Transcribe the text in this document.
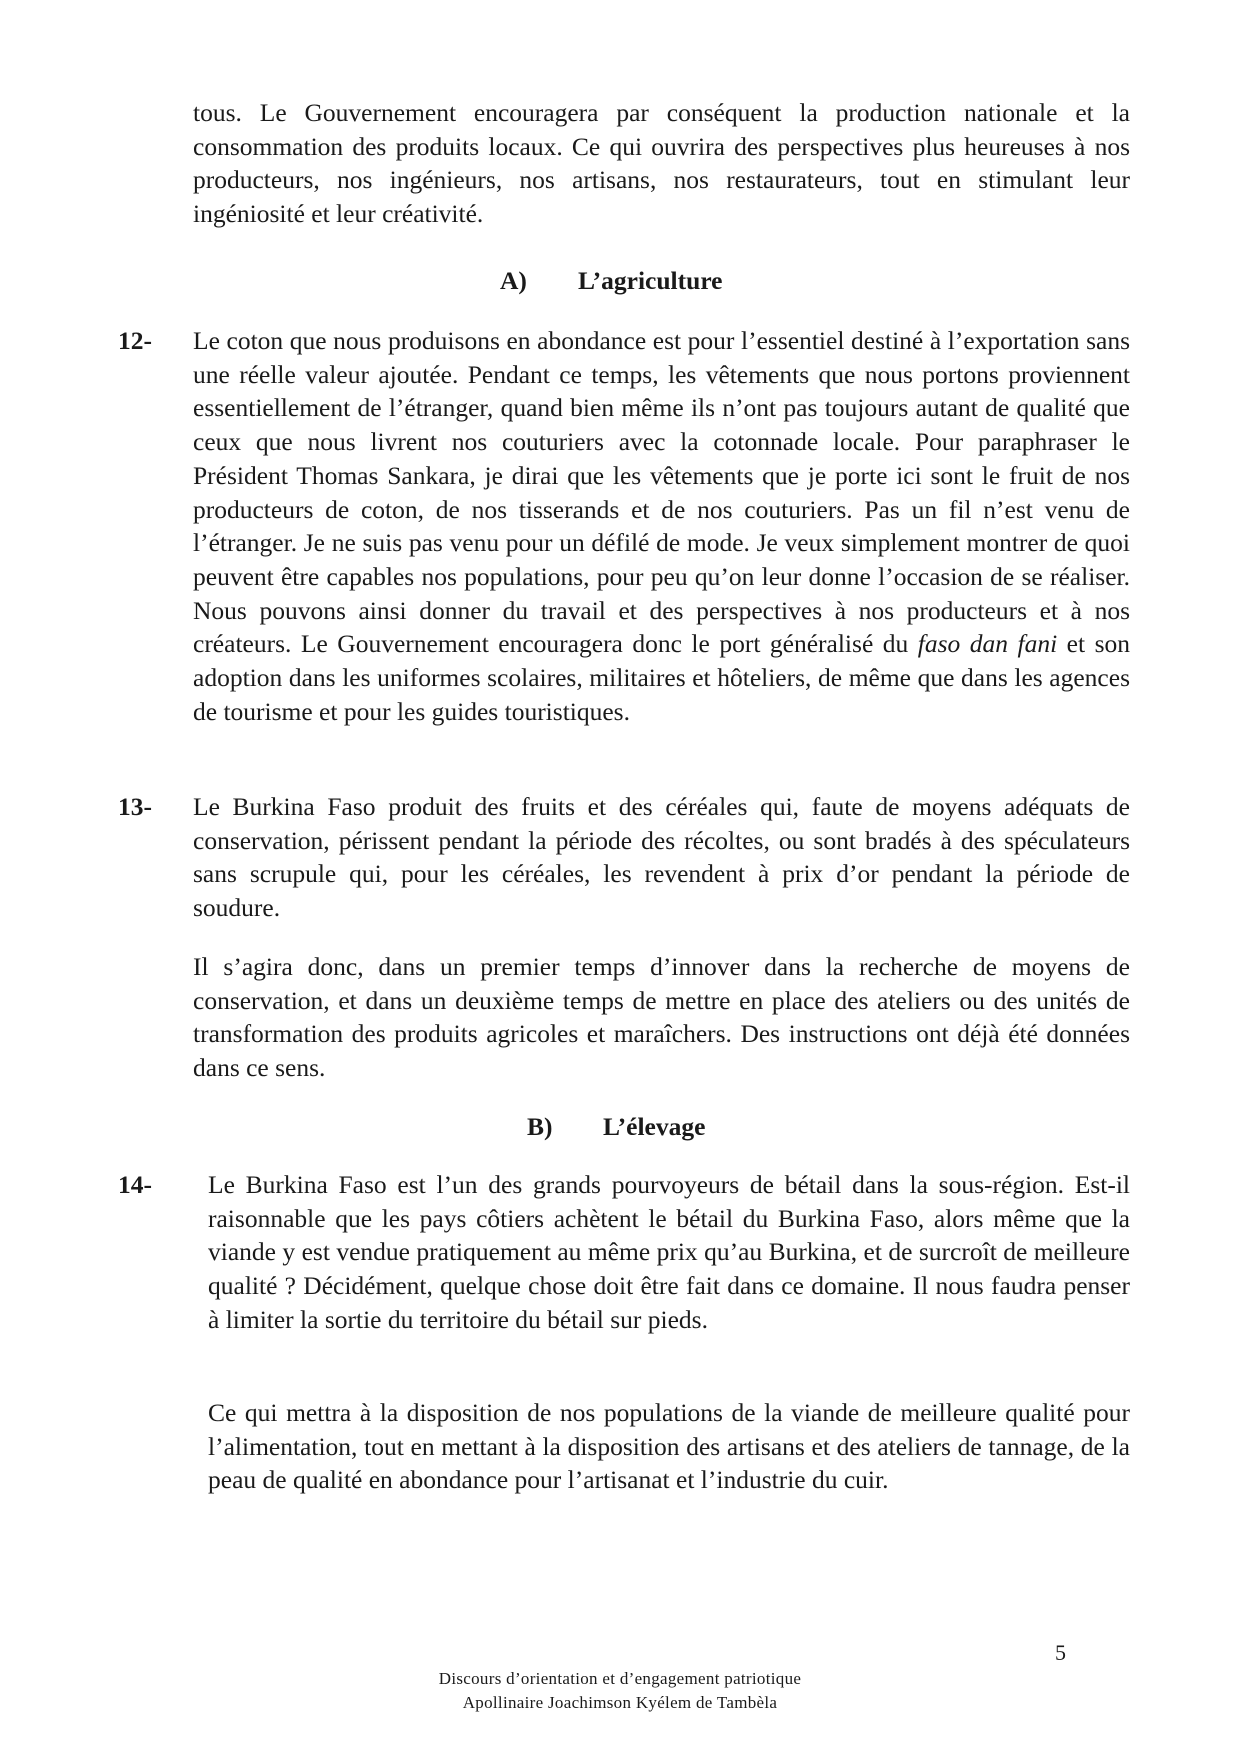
tous. Le Gouvernement encouragera par conséquent la production nationale et la consommation des produits locaux. Ce qui ouvrira des perspectives plus heureuses à nos producteurs, nos ingénieurs, nos artisans, nos restaurateurs, tout en stimulant leur ingéniosité et leur créativité.

A) L’agriculture
12- Le coton que nous produisons en abondance est pour l’essentiel destiné à l’exportation sans une réelle valeur ajoutée. Pendant ce temps, les vêtements que nous portons proviennent essentiellement de l’étranger, quand bien même ils n’ont pas toujours autant de qualité que ceux que nous livrent nos couturiers avec la cotonnade locale. Pour paraphraser le Président Thomas Sankara, je dirai que les vêtements que je porte ici sont le fruit de nos producteurs de coton, de nos tisserands et de nos couturiers. Pas un fil n’est venu de l’étranger. Je ne suis pas venu pour un défilé de mode. Je veux simplement montrer de quoi peuvent être capables nos populations, pour peu qu’on leur donne l’occasion de se réaliser. Nous pouvons ainsi donner du travail et des perspectives à nos producteurs et à nos créateurs. Le Gouvernement encouragera donc le port généralisé du faso dan fani et son adoption dans les uniformes scolaires, militaires et hôteliers, de même que dans les agences de tourisme et pour les guides touristiques.

13- Le Burkina Faso produit des fruits et des céréales qui, faute de moyens adéquats de conservation, périssent pendant la période des récoltes, ou sont bradés à des spéculateurs sans scrupule qui, pour les céréales, les revendent à prix d’or pendant la période de soudure.

Il s’agira donc, dans un premier temps d’innover dans la recherche de moyens de conservation, et dans un deuxième temps de mettre en place des ateliers ou des unités de transformation des produits agricoles et maraîchers. Des instructions ont déjà été données dans ce sens.

B) L’élevage
14- Le Burkina Faso est l’un des grands pourvoyeurs de bétail dans la sous-région. Est-il raisonnable que les pays côtiers achètent le bétail du Burkina Faso, alors même que la viande y est vendue pratiquement au même prix qu’au Burkina, et de surcroît de meilleure qualité ? Décidément, quelque chose doit être fait dans ce domaine. Il nous faudra penser à limiter la sortie du territoire du bétail sur pieds.

Ce qui mettra à la disposition de nos populations de la viande de meilleure qualité pour l’alimentation, tout en mettant à la disposition des artisans et des ateliers de tannage, de la peau de qualité en abondance pour l’artisanat et l’industrie du cuir.

Discours d’orientation et d’engagement patriotique
Apollinaire Joachimson Kyélem de Tambèla
5
